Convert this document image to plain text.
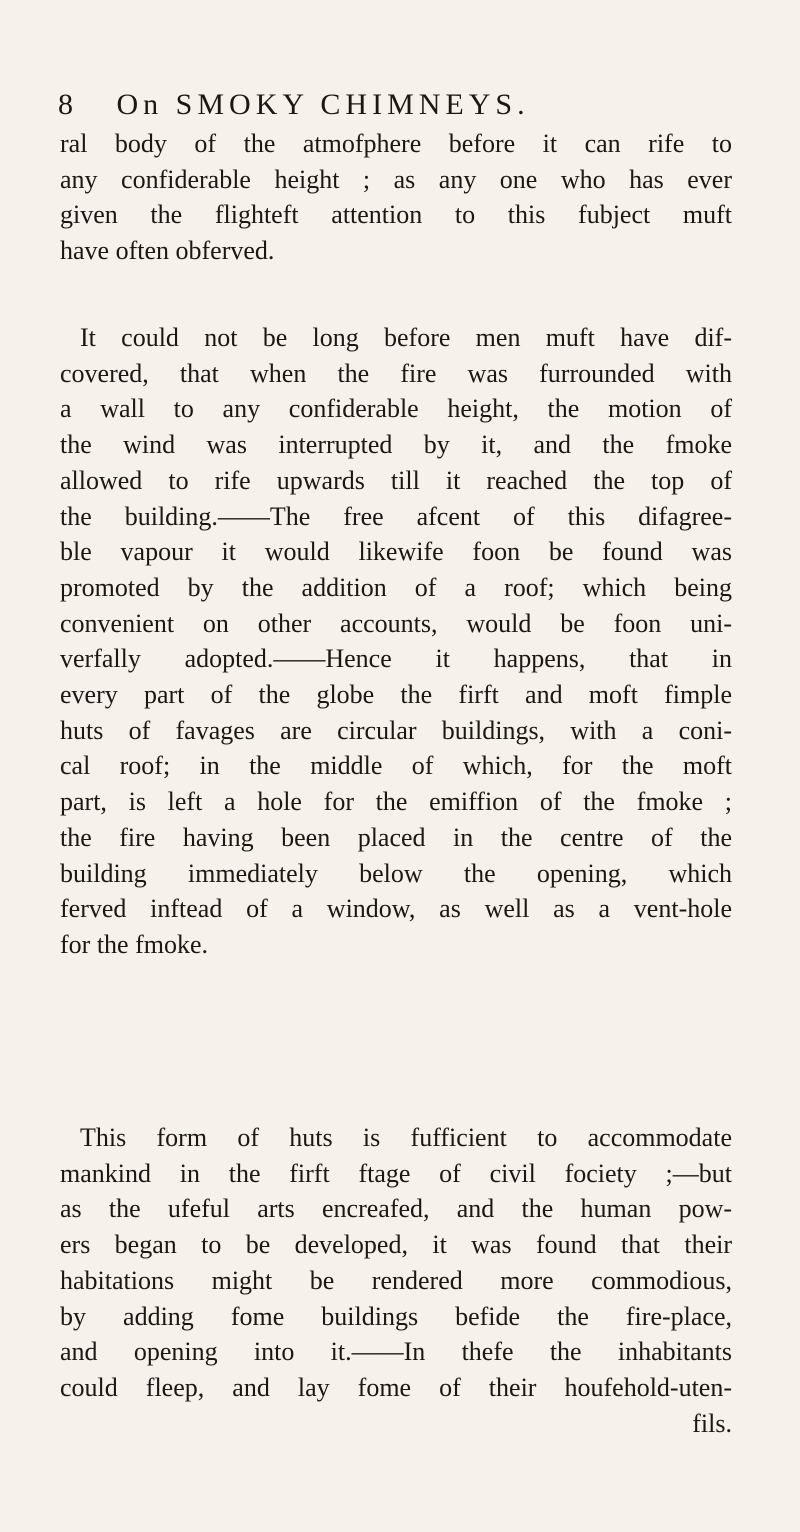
8 On SMOKY CHIMNEYS.
ral body of the atmofphere before it can rife to
any confiderable height ; as any one who has ever
given the flighteft attention to this fubject muft
have often obferved.
It could not be long before men muft have dif-
covered, that when the fire was furrounded with
a wall to any confiderable height, the motion of
the wind was interrupted by it, and the fmoke
allowed to rife upwards till it reached the top of
the building.——The free afcent of this difagree-
ble vapour it would likewife foon be found was
promoted by the addition of a roof; which being
convenient on other accounts, would be foon uni-
verfally adopted.——Hence it happens, that in
every part of the globe the firft and moft fimple
huts of favages are circular buildings, with a coni-
cal roof; in the middle of which, for the moft
part, is left a hole for the emiffion of the fmoke ;
the fire having been placed in the centre of the
building immediately below the opening, which
ferved inftead of a window, as well as a vent-hole
for the fmoke.
This form of huts is fufficient to accommodate
mankind in the firft ftage of civil fociety ;—but
as the ufeful arts encreafed, and the human pow-
ers began to be developed, it was found that their
habitations might be rendered more commodious,
by adding fome buildings befide the fire-place,
and opening into it.——In thefe the inhabitants
could fleep, and lay fome of their houfehold-uten-
fils.
